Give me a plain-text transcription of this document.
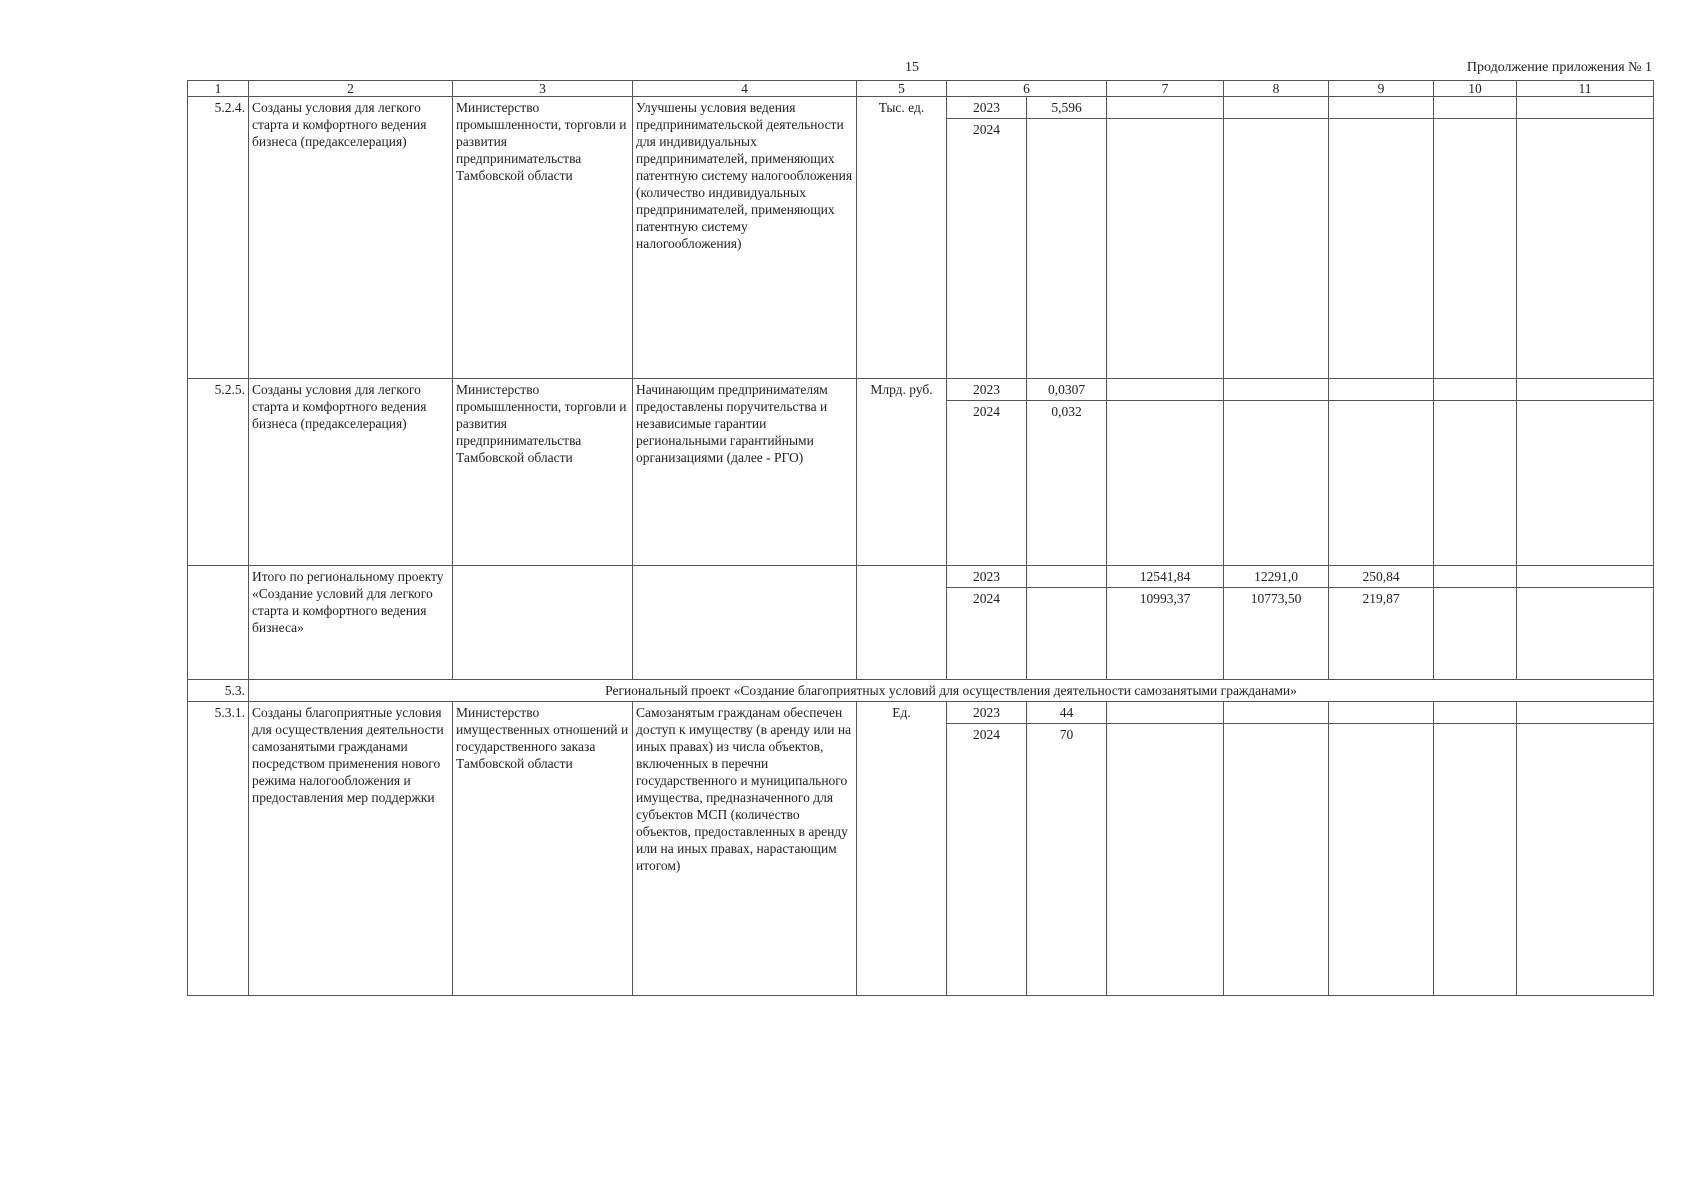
15	Продолжение приложения № 1
1	2	3	4	5	6		7	8	9	10	11
5.2.4.	Созданы условия для легкого старта и комфортного ведения бизнеса (предакселерация)	Министерство промышленности, торговли и развития предпринимательства Тамбовской области	Улучшены условия ведения предпринимательской деятельности для индивидуальных предпринимателей, применяющих патентную систему налогообложения (количество индивидуальных предпринимателей, применяющих патентную систему налогообложения)	Тыс. ед.	2023	5,596					
					2024						
5.2.5.	Созданы условия для легкого старта и комфортного ведения бизнеса (предакселерация)	Министерство промышленности, торговли и развития предпринимательства Тамбовской области	Начинающим предпринимателям предоставлены поручительства и независимые гарантии региональными гарантийными организациями (далее - РГО)	Млрд. руб.	2023	0,0307					
					2024	0,032					
	Итого по региональному проекту «Создание условий для легкого старта и комфортного ведения бизнеса»				2023		12541,84	12291,0	250,84		
					2024		10993,37	10773,50	219,87		
5.3.	Региональный проект «Создание благоприятных условий для осуществления деятельности самозанятыми гражданами»										
5.3.1.	Созданы благоприятные условия для осуществления деятельности самозанятыми гражданами посредством применения нового режима налогообложения и предоставления мер поддержки	Министерство имущественных отношений и государственного заказа Тамбовской области	Самозанятым гражданам обеспечен доступ к имуществу (в аренду или на иных правах) из числа объектов, включенных в перечни государственного и муниципального имущества, предназначенного для субъектов МСП (количество объектов, предоставленных в аренду или на иных правах, нарастающим итогом)	Ед.	2023	44					
					2024	70					
